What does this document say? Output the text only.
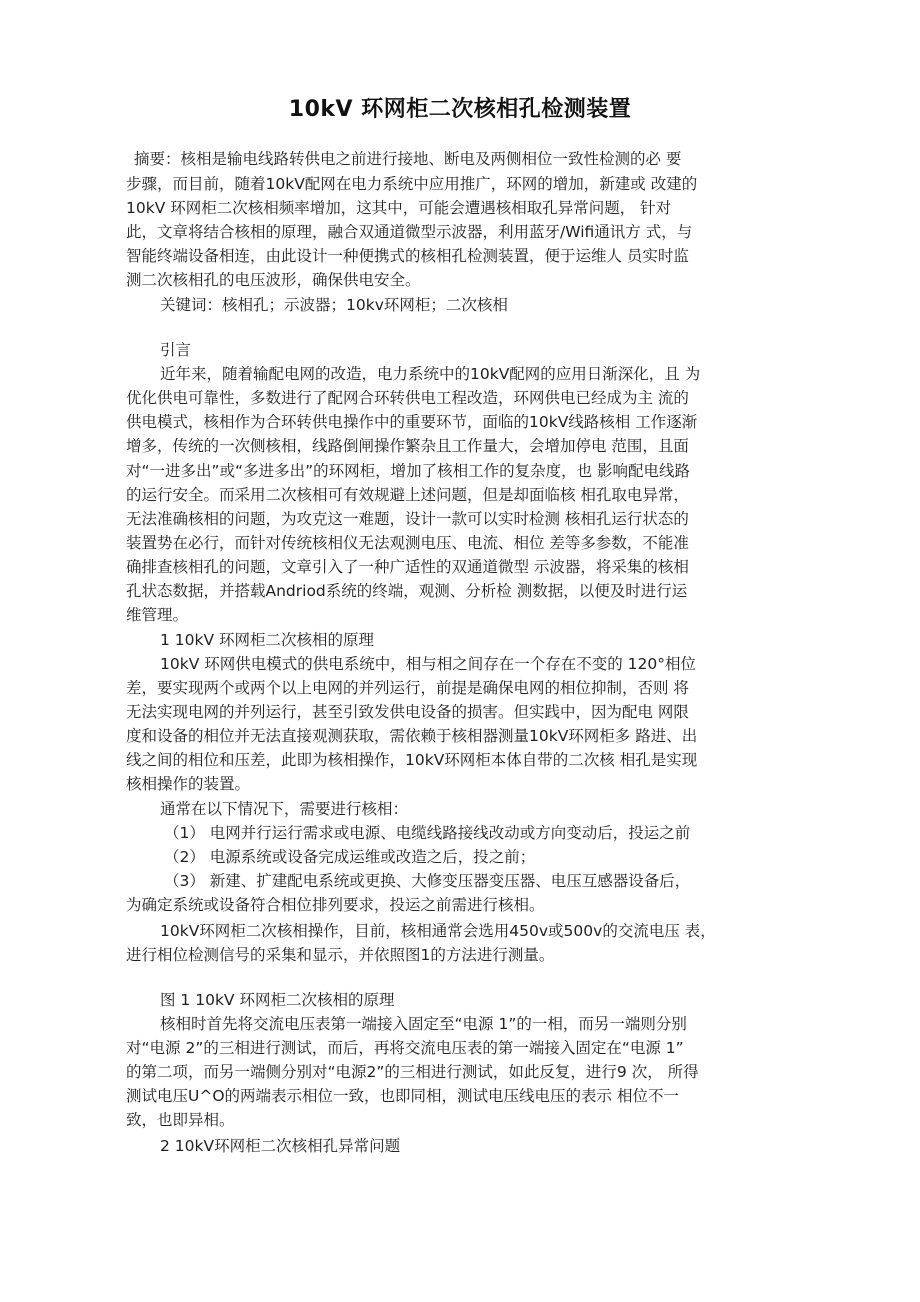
10kV 环网柜二次核相孔检测装置
摘要：核相是输电线路转供电之前进行接地、断电及两侧相位一致性检测的必 要
步骤，而目前，随着10kV配网在电力系统中应用推广，环网的增加，新建或 改建的
10kV 环网柜二次核相频率增加，这其中，可能会遭遇核相取孔异常问题， 针对
此，文章将结合核相的原理，融合双通道微型示波器，利用蓝牙/Wifi通讯方 式，与
智能终端设备相连，由此设计一种便携式的核相孔检测装置，便于运维人 员实时监
测二次核相孔的电压波形，确保供电安全。
关键词：核相孔；示波器；10kv环网柜；二次核相
引言
近年来，随着输配电网的改造，电力系统中的10kV配网的应用日渐深化，且 为
优化供电可靠性，多数进行了配网合环转供电工程改造，环网供电已经成为主 流的
供电模式，核相作为合环转供电操作中的重要环节，面临的10kV线路核相 工作逐渐
增多，传统的一次侧核相，线路倒闸操作繁杂且工作量大，会增加停电 范围，且面
对“一进多出”或“多进多出”的环网柜，增加了核相工作的复杂度，也 影响配电线路
的运行安全。而采用二次核相可有效规避上述问题，但是却面临核 相孔取电异常，
无法准确核相的问题，为攻克这一难题，设计一款可以实时检测 核相孔运行状态的
装置势在必行，而针对传统核相仪无法观测电压、电流、相位 差等多参数，不能准
确排查核相孔的问题，文章引入了一种广适性的双通道微型 示波器，将采集的核相
孔状态数据，并搭载Andriod系统的终端，观测、分析检 测数据，以便及时进行运
维管理。
1 10kV 环网柜二次核相的原理
10kV 环网供电模式的供电系统中，相与相之间存在一个存在不变的 120°相位
差，要实现两个或两个以上电网的并列运行，前提是确保电网的相位抑制，否则 将
无法实现电网的并列运行，甚至引致发供电设备的损害。但实践中，因为配电 网限
度和设备的相位并无法直接观测获取，需依赖于核相器测量10kV环网柜多 路进、出
线之间的相位和压差，此即为核相操作，10kV环网柜本体自带的二次核 相孔是实现
核相操作的装置。
通常在以下情况下，需要进行核相：
（1） 电网并行运行需求或电源、电缆线路接线改动或方向变动后，投运之前
（2） 电源系统或设备完成运维或改造之后，投之前；
（3） 新建、扩建配电系统或更换、大修变压器变压器、电压互感器设备后，
为确定系统或设备符合相位排列要求，投运之前需进行核相。
10kV环网柜二次核相操作，目前，核相通常会选用450v或500v的交流电压 表，
进行相位检测信号的采集和显示，并依照图1的方法进行测量。
图 1 10kV 环网柜二次核相的原理
核相时首先将交流电压表第一端接入固定至“电源 1”的一相，而另一端则分别
对“电源 2”的三相进行测试，而后，再将交流电压表的第一端接入固定在“电源 1”
的第二项，而另一端侧分别对“电源2”的三相进行测试，如此反复，进行9 次， 所得
测试电压U^O的两端表示相位一致，也即同相，测试电压线电压的表示 相位不一
致，也即异相。
2 10kV环网柜二次核相孔异常问题
